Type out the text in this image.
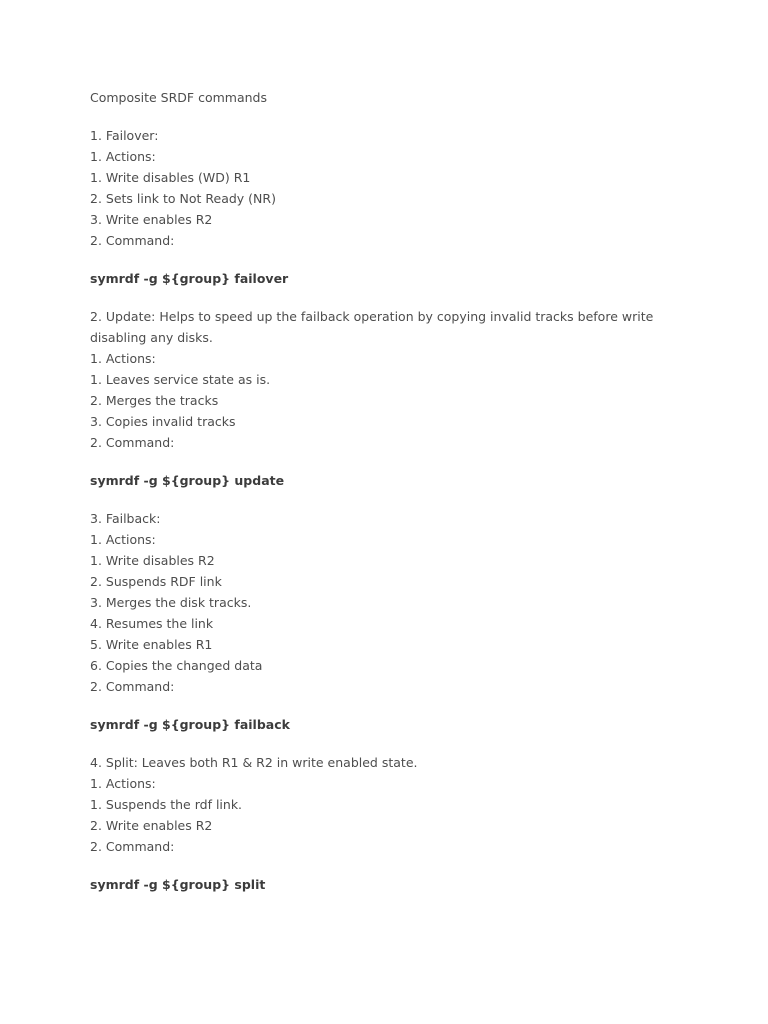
Composite SRDF commands
1. Failover:
1. Actions:
1. Write disables (WD) R1
2. Sets link to Not Ready (NR)
3. Write enables R2
2. Command:
symrdf -g ${group} failover
2. Update: Helps to speed up the failback operation by copying invalid tracks before write disabling any disks.
1. Actions:
1. Leaves service state as is.
2. Merges the tracks
3. Copies invalid tracks
2. Command:
symrdf -g ${group} update
3. Failback:
1. Actions:
1. Write disables R2
2. Suspends RDF link
3. Merges the disk tracks.
4. Resumes the link
5. Write enables R1
6. Copies the changed data
2. Command:
symrdf -g ${group} failback
4. Split: Leaves both R1 & R2 in write enabled state.
1. Actions:
1. Suspends the rdf link.
2. Write enables R2
2. Command:
symrdf -g ${group} split
